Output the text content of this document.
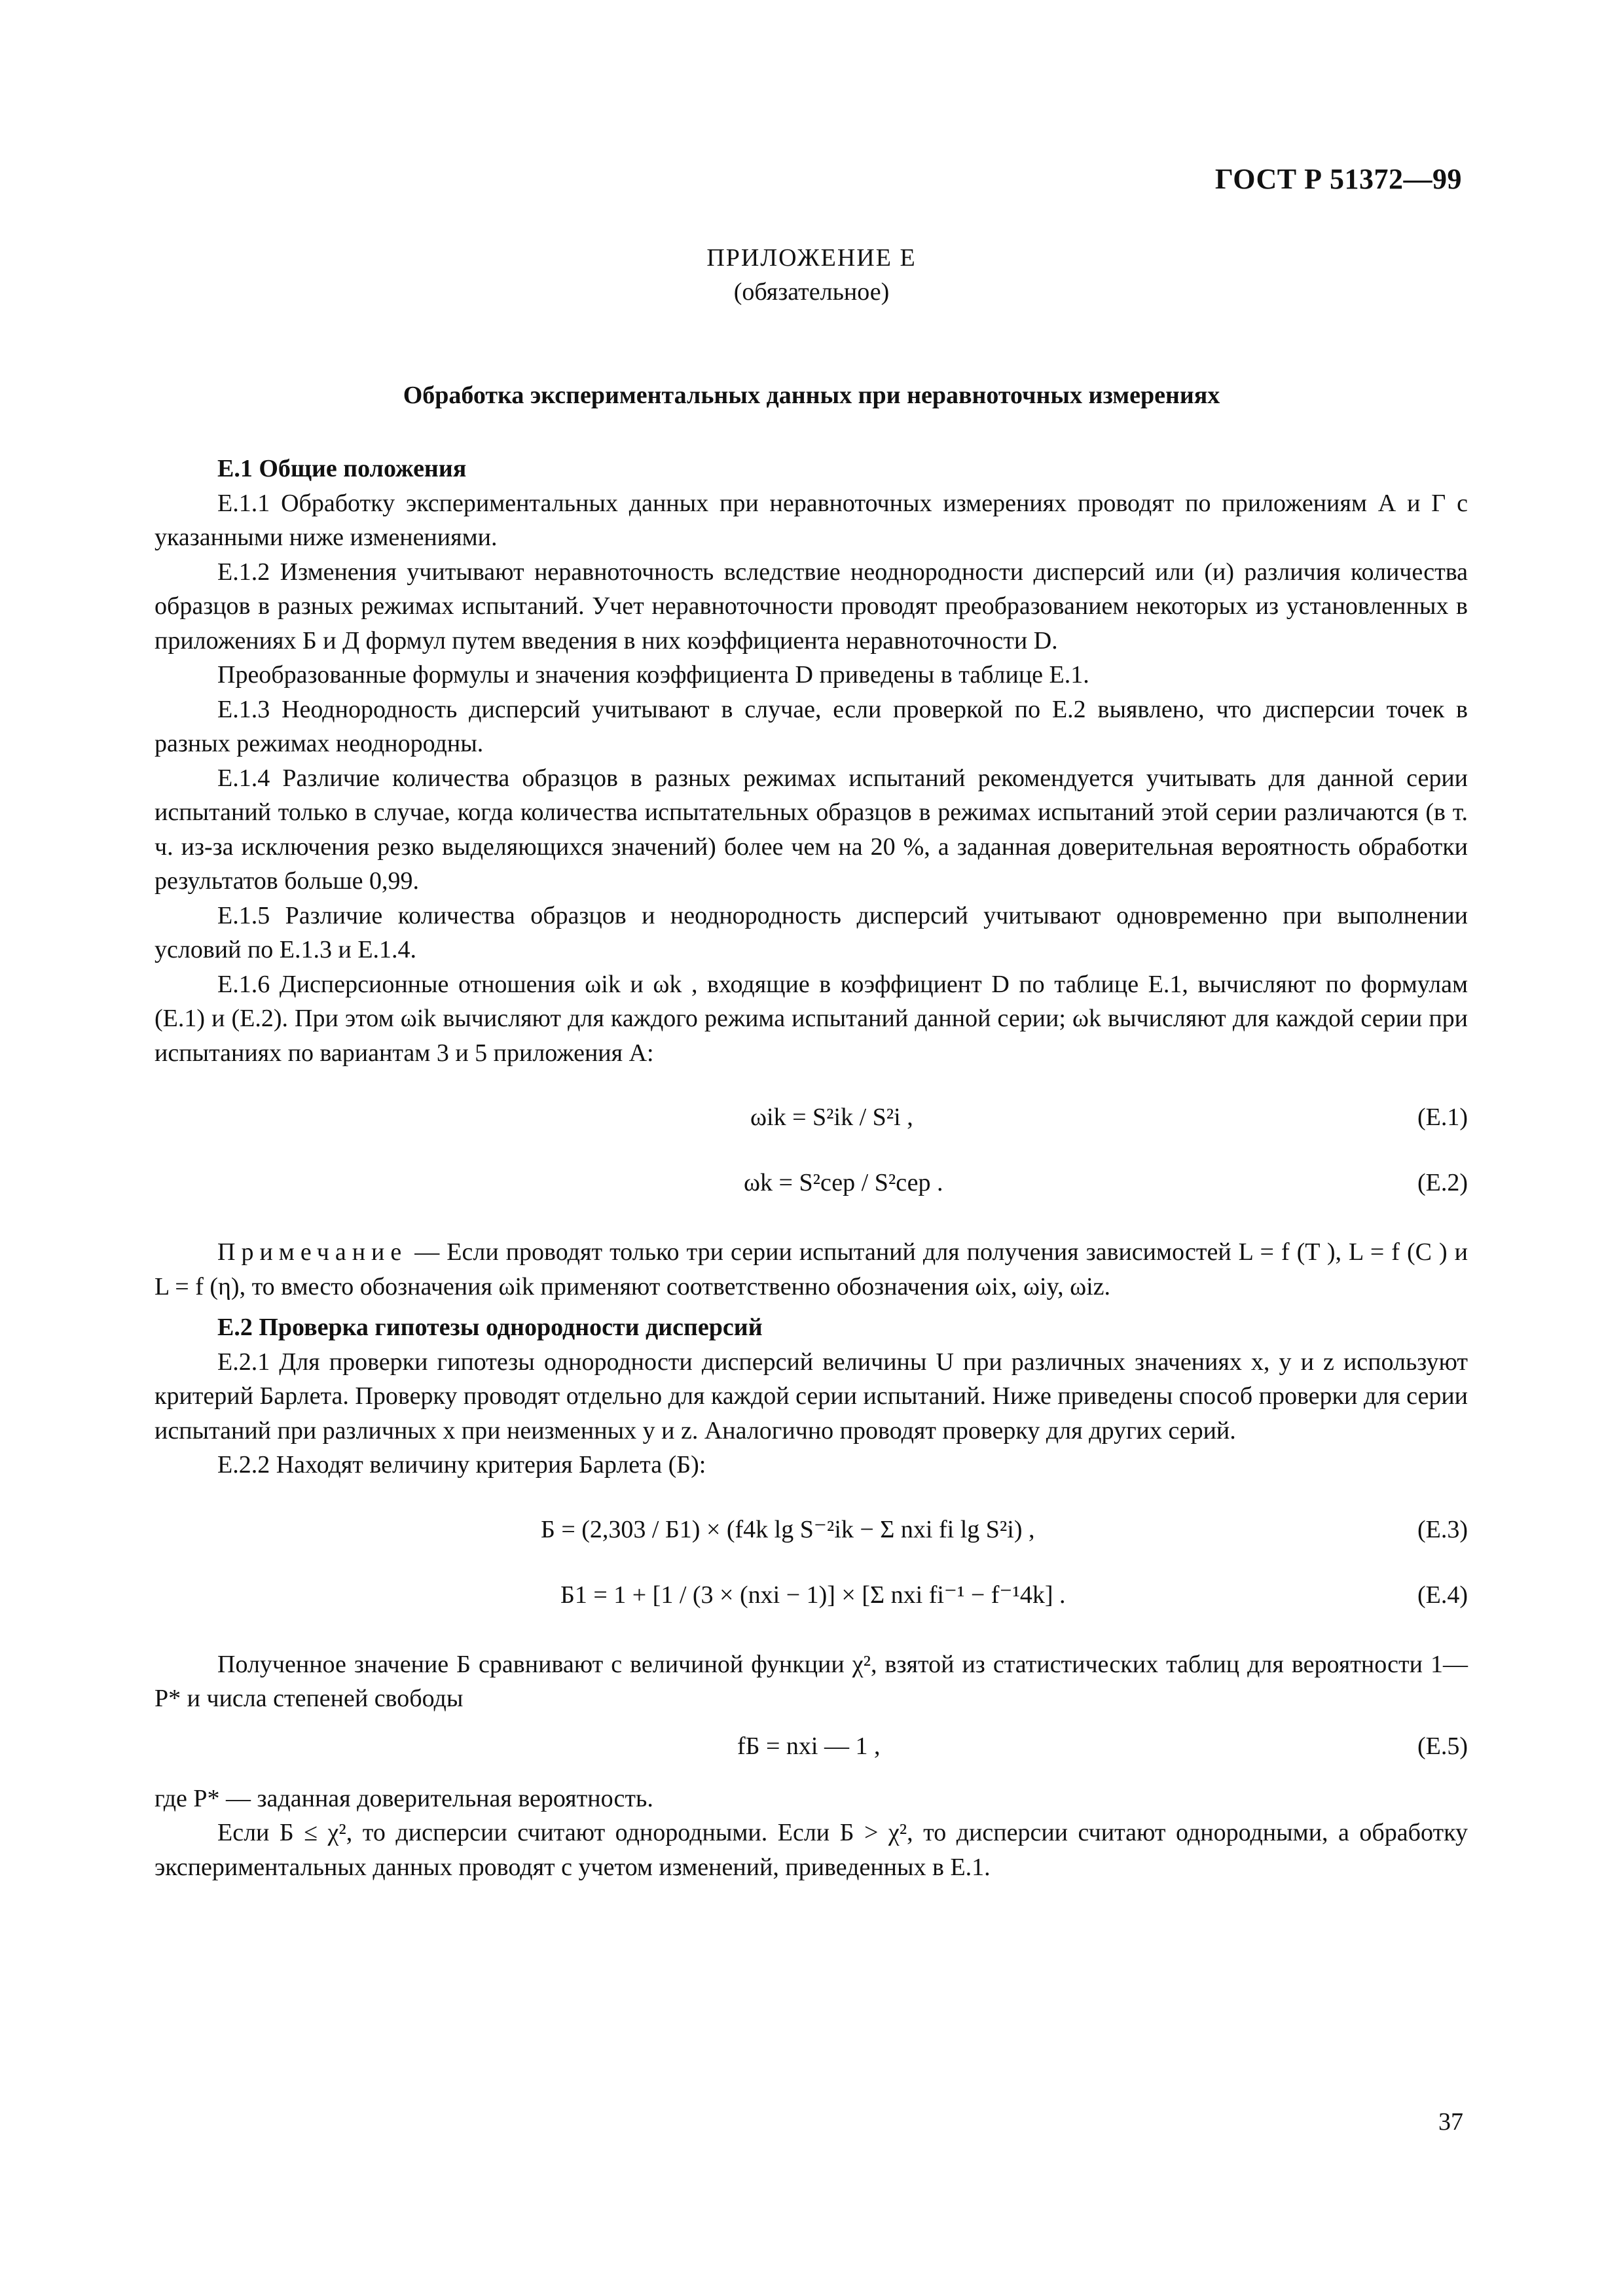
ГОСТ Р 51372—99
ПРИЛОЖЕНИЕ Е
(обязательное)
Обработка экспериментальных данных при неравноточных измерениях
Е.1 Общие положения

Е.1.1 Обработку экспериментальных данных при неравноточных измерениях проводят по приложениям А и Г с указанными ниже изменениями.

Е.1.2 Изменения учитывают неравноточность вследствие неоднородности дисперсий или (и) различия количества образцов в разных режимах испытаний. Учет неравноточности проводят преобразованием некоторых из установленных в приложениях Б и Д формул путем введения в них коэффициента неравноточности D.

Преобразованные формулы и значения коэффициента D приведены в таблице Е.1.

Е.1.3 Неоднородность дисперсий учитывают в случае, если проверкой по Е.2 выявлено, что дисперсии точек в разных режимах неоднородны.

Е.1.4 Различие количества образцов в разных режимах испытаний рекомендуется учитывать для данной серии испытаний только в случае, когда количества испытательных образцов в режимах испытаний этой серии различаются (в т. ч. из-за исключения резко выделяющихся значений) более чем на 20 %, а заданная доверительная вероятность обработки результатов больше 0,99.

Е.1.5 Различие количества образцов и неоднородность дисперсий учитывают одновременно при выполнении условий по Е.1.3 и Е.1.4.

Е.1.6 Дисперсионные отношения ωik и ωk , входящие в коэффициент D по таблице Е.1, вычисляют по формулам (Е.1) и (Е.2). При этом ωik вычисляют для каждого режима испытаний данной серии; ωk вычисляют для каждой серии при испытаниях по вариантам 3 и 5 приложения А:

ωik = S²ik / S²i ,	(Е.1)
ωk = S²сер / S²сер .	(Е.2)

Примечание — Если проводят только три серии испытаний для получения зависимостей L = f (T ), L = f (C ) и L = f (η), то вместо обозначения ωik применяют соответственно обозначения ωix, ωiy, ωiz.

Е.2 Проверка гипотезы однородности дисперсий

Е.2.1 Для проверки гипотезы однородности дисперсий величины U при различных значениях x, y и z используют критерий Барлета. Проверку проводят отдельно для каждой серии испытаний. Ниже приведены способ проверки для серии испытаний при различных x при неизменных y и z. Аналогично проводят проверку для других серий.

Е.2.2 Находят величину критерия Барлета (Б):

Б = (2,303 / Б1) × (f4k lg S⁻²ik − Σ nxi fi lg S²i) ,	(Е.3)
Б1 = 1 + [1 / (3 × (nxi − 1)] × [Σ nxi fi⁻¹ − f⁻¹4k] .	(Е.4)

Полученное значение Б сравнивают с величиной функции χ², взятой из статистических таблиц для вероятности 1—P* и числа степеней свободы

fБ = nxi — 1 ,	(Е.5)

где P* — заданная доверительная вероятность.

Если Б ≤ χ², то дисперсии считают однородными. Если Б > χ², то дисперсии считают однородными, а обработку экспериментальных данных проводят с учетом изменений, приведенных в Е.1.

37
